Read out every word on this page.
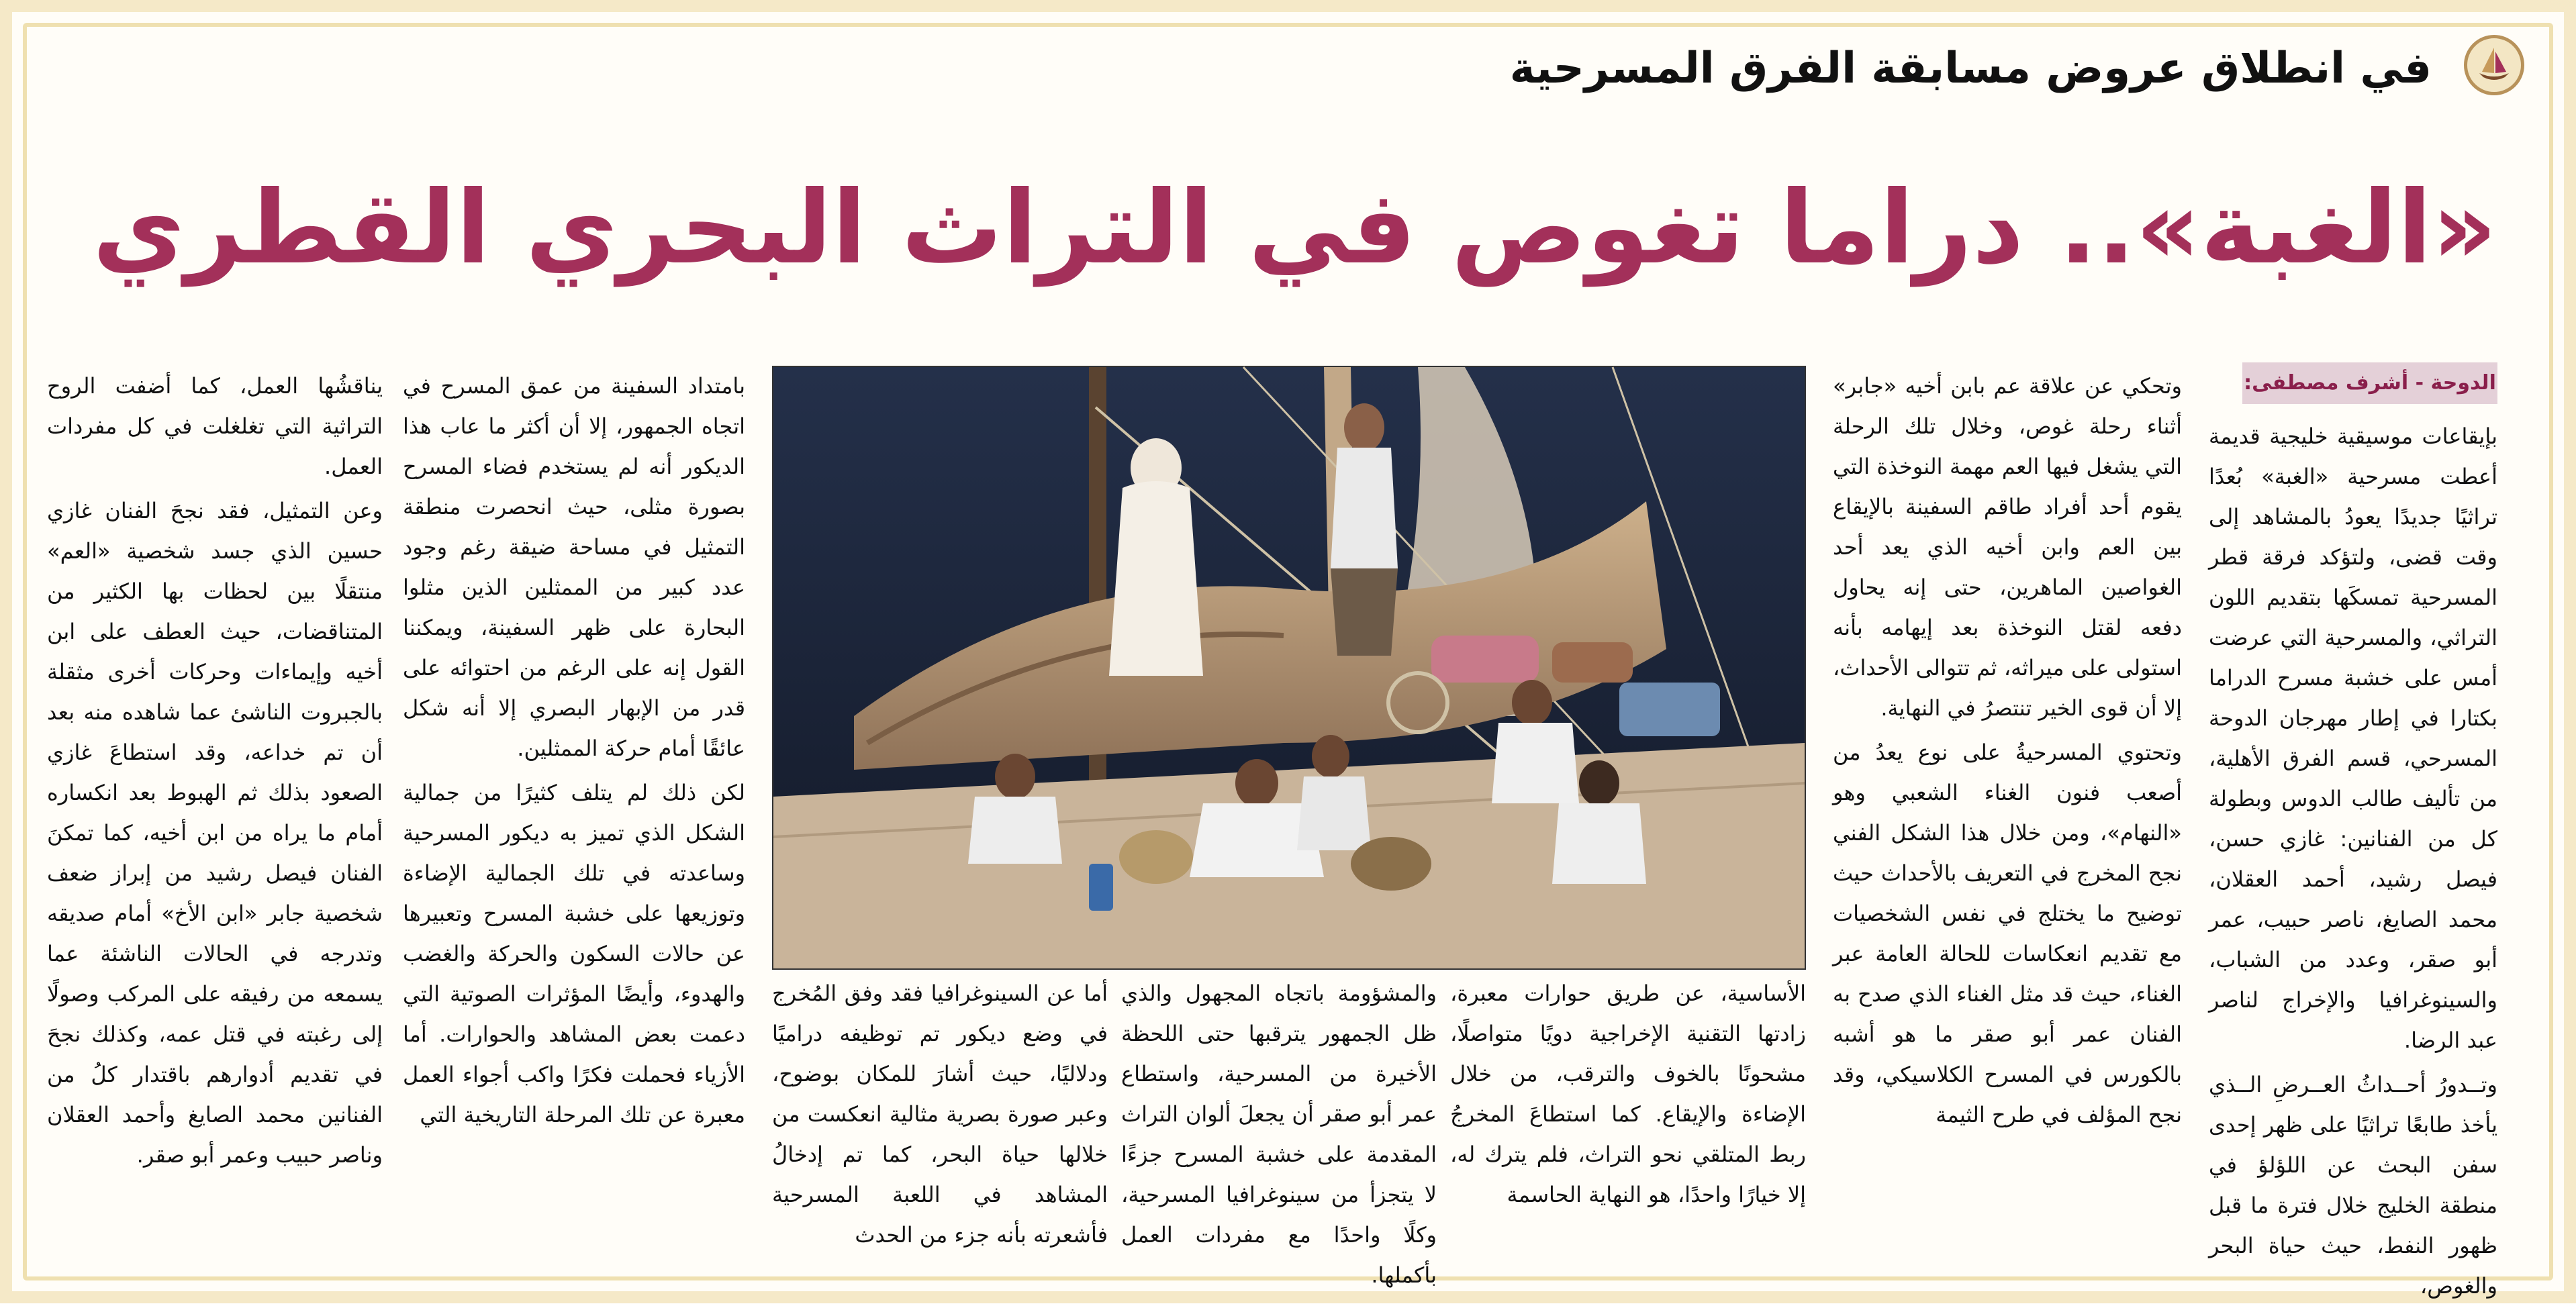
في انطلاق عروض مسابقة الفرق المسرحية
«الغبة».. دراما تغوص في التراث البحري القطري
الدوحة - أشرف مصطفى:

بإيقاعات موسيقية خليجية قديمة أعطت مسرحية «الغبة» بُعدًا تراثيًا جديدًا يعودُ بالمشاهد إلى وقت قضى، ولتؤكد فرقة قطر المسرحية تمسكَها بتقديم اللون التراثي، والمسرحية التي عرضت أمس على خشبة مسرح الدراما بكتارا في إطار مهرجان الدوحة المسرحي، قسم الفرق الأهلية، من تأليف طالب الدوس وبطولة كل من الفنانين: غازي حسن، فيصل رشيد، أحمد العقلان، محمد الصايغ، ناصر حبيب، عمر أبو صقر، وعدد من الشباب، والسينوغرافيا والإخراج لناصر عبد الرضا.

وتــدورُ أحــداثُ العــرضِ الــذي يأخذ طابعًا تراثيًا على ظهر إحدى سفن البحث عن اللؤلؤ في منطقة الخليج خلال فترة ما قبل ظهور النفط، حيث حياة البحر والغوص،

وتحكي عن علاقة عم بابن أخيه «جابر» أثناء رحلة غوص، وخلال تلك الرحلة التي يشغل فيها العم مهمة النوخذة التي يقوم أحد أفراد طاقم السفينة بالإيقاع بين العم وابن أخيه الذي يعد أحد الغواصين الماهرين، حتى إنه يحاول دفعه لقتل النوخذة بعد إيهامه بأنه استولى على ميراثه، ثم تتوالى الأحداث، إلا أن قوى الخير تنتصرُ في النهاية.

وتحتوي المسرحيةُ على نوع يعدُ من أصعب فنون الغناء الشعبي وهو «النهام»، ومن خلال هذا الشكل الفني نجح المخرج في التعريف بالأحداث حيث توضيح ما يختلج في نفس الشخصيات مع تقديم انعكاسات للحالة العامة عبر الغناء، حيث قد مثل الغناء الذي صدح به الفنان عمر أبو صقر ما هو أشبه بالكورس في المسرح الكلاسيكي، وقد نجح المؤلف في طرح الثيمة

الأساسية، عن طريق حوارات معبرة، زادتها التقنية الإخراجية دويًا متواصلًا، مشحونًا بالخوف والترقب، من خلال الإضاءة والإيقاع. كما استطاعَ المخرجُ ربط المتلقي نحو التراث، فلم يترك له، إلا خيارًا واحدًا، هو النهاية الحاسمة

والمشؤومة باتجاه المجهول والذي ظل الجمهور يترقبها حتى اللحظة الأخيرة من المسرحية، واستطاع عمر أبو صقر أن يجعلَ ألوان التراث المقدمة على خشبة المسرح جزءًا لا يتجزأ من سينوغرافيا المسرحية، وكلًا واحدًا مع مفردات العمل بأكملها.

أما عن السينوغرافيا فقد وفق المُخرج في وضع ديكور تم توظيفه دراميًا ودلاليًا، حيث أشارَ للمكان بوضوح، وعبر صورة بصرية مثالية انعكست من خلالها حياة البحر، كما تم إدخالُ المشاهد في اللعبة المسرحية فأشعرته بأنه جزء من الحدث

بامتداد السفينة من عمق المسرح في اتجاه الجمهور، إلا أن أكثر ما عاب هذا الديكور أنه لم يستخدم فضاء المسرح بصورة مثلى، حيث انحصرت منطقة التمثيل في مساحة ضيقة رغم وجود عدد كبير من الممثلين الذين مثلوا البحارة على ظهر السفينة، ويمكننا القول إنه على الرغم من احتوائه على قدر من الإبهار البصري إلا أنه شكل عائقًا أمام حركة الممثلين.

لكن ذلك لم يتلف كثيرًا من جمالية الشكل الذي تميز به ديكور المسرحية وساعدته في تلك الجمالية الإضاءة وتوزيعها على خشبة المسرح وتعبيرها عن حالات السكون والحركة والغضب والهدوء، وأيضًا المؤثرات الصوتية التي دعمت بعض المشاهد والحوارات. أما الأزياء فحملت فكرًا واكب أجواء العمل معبرة عن تلك المرحلة التاريخية التي

يناقشُها العمل، كما أضفت الروح التراثية التي تغلغلت في كل مفردات العمل.

وعن التمثيل، فقد نجحَ الفنان غازي حسين الذي جسد شخصية «العم» منتقلًا بين لحظات بها الكثير من المتناقضات، حيث العطف على ابن أخيه وإيماءات وحركات أخرى مثقلة بالجبروت الناشئ عما شاهده منه بعد أن تم خداعه، وقد استطاعَ غازي الصعود بذلك ثم الهبوط بعد انكساره أمام ما يراه من ابن أخيه، كما تمكنَ الفنان فيصل رشيد من إبراز ضعف شخصية جابر «ابن الأخ» أمام صديقه وتدرجه في الحالات الناشئة عما يسمعه من رفيقه على المركب وصولًا إلى رغبته في قتل عمه، وكذلك نجحَ في تقديم أدوارهم باقتدار كلُ من الفنانين محمد الصايغ وأحمد العقلان وناصر حبيب وعمر أبو صقر.
